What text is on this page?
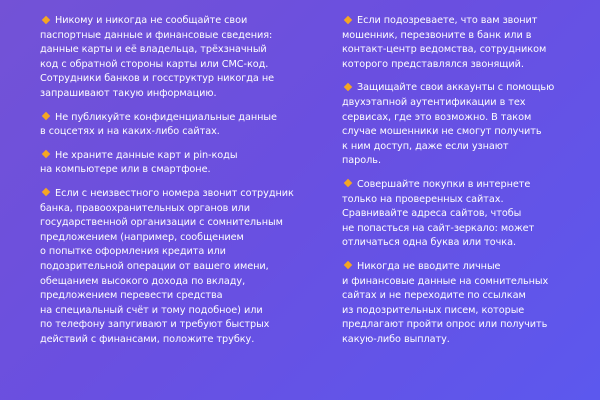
Никому и никогда не сообщайте свои
паспортные данные и финансовые сведения:
данные карты и её владельца, трёхзначный
код с обратной стороны карты или СМС-код.
Сотрудники банков и госструктур никогда не
запрашивают такую информацию.
Не публикуйте конфиденциальные данные
в соцсетях и на каких-либо сайтах.
Не храните данные карт и pin-коды
на компьютере или в смартфоне.
Если с неизвестного номера звонит сотрудник
банка, правоохранительных органов или
государственной организации с сомнительным
предложением (например, сообщением
о попытке оформления кредита или
подозрительной операции от вашего имени,
обещанием высокого дохода по вкладу,
предложением перевести средства
на специальный счёт и тому подобное) или
по телефону запугивают и требуют быстрых
действий с финансами, положите трубку.
Если подозреваете, что вам звонит
мошенник, перезвоните в банк или в
контакт-центр ведомства, сотрудником
которого представлялся звонящий.
Защищайте свои аккаунты с помощью
двухэтапной аутентификации в тех
сервисах, где это возможно. В таком
случае мошенники не смогут получить
к ним доступ, даже если узнают
пароль.
Совершайте покупки в интернете
только на проверенных сайтах.
Сравнивайте адреса сайтов, чтобы
не попасться на сайт-зеркало: может
отличаться одна буква или точка.
Никогда не вводите личные
и финансовые данные на сомнительных
сайтах и не переходите по ссылкам
из подозрительных писем, которые
предлагают пройти опрос или получить
какую-либо выплату.
